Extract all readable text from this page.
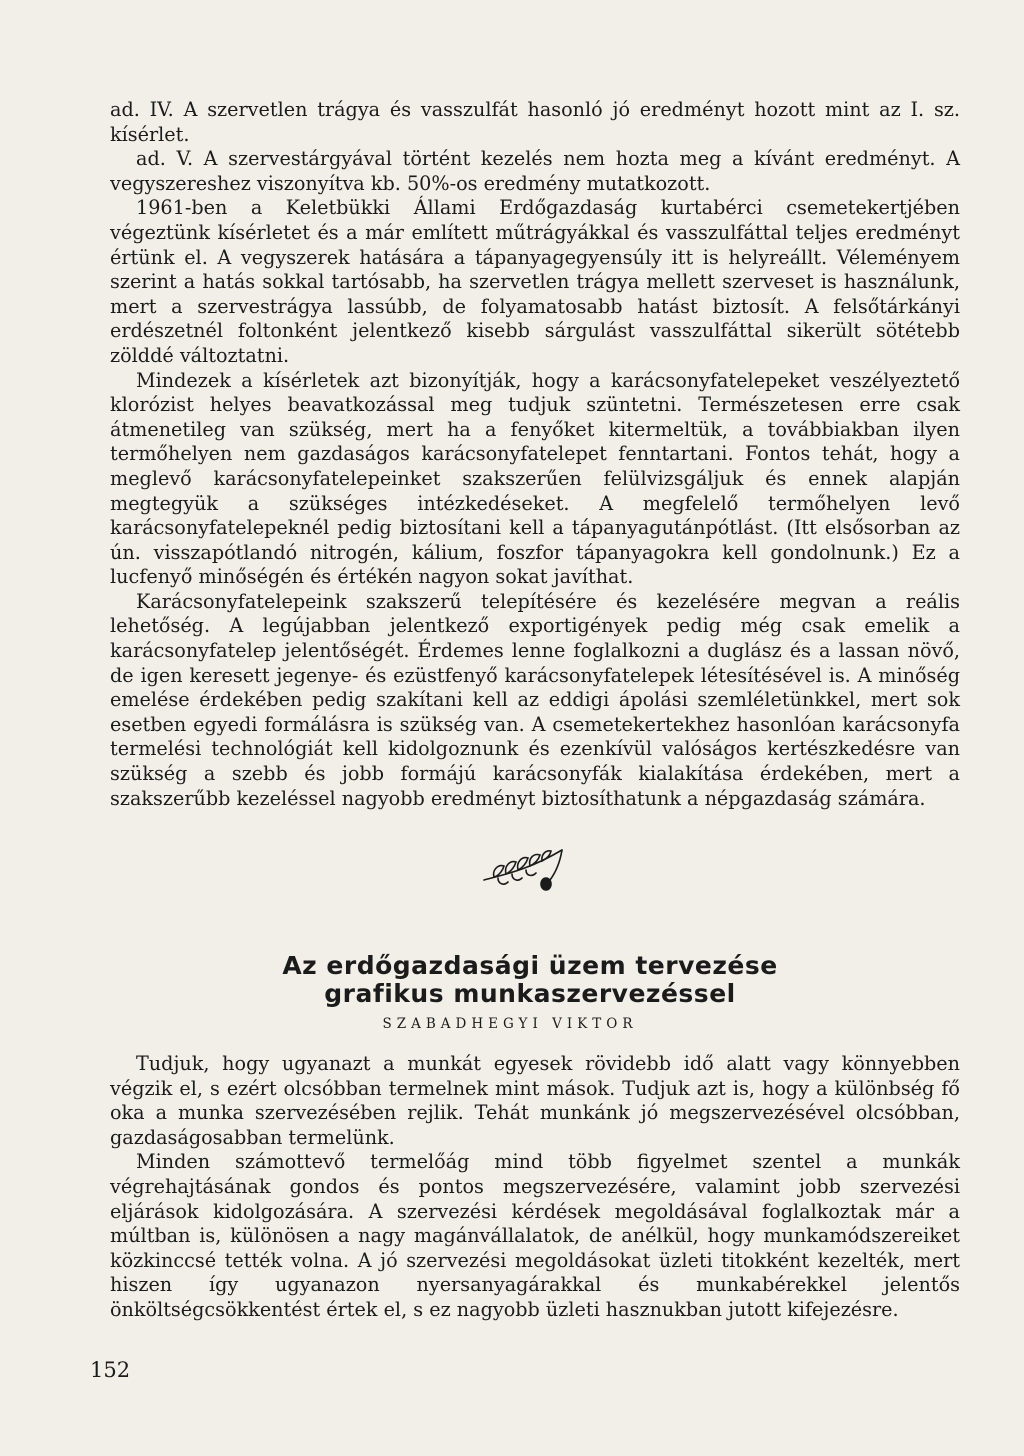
ad. IV. A szervetlen trágya és vasszulfát hasonló jó eredményt hozott mint az I. sz. kísérlet.

ad. V. A szervestárgyával történt kezelés nem hozta meg a kívánt eredményt. A vegyszereshez viszonyítva kb. 50%-os eredmény mutatkozott.

1961-ben a Keletbükki Állami Erdőgazdaság kurtabérci csemetekertjében végeztünk kísérletet és a már említett műtrágyákkal és vasszulfáttal teljes eredményt értünk el. A vegyszerek hatására a tápanyagegyensúly itt is helyreállt. Véleményem szerint a hatás sokkal tartósabb, ha szervetlen trágya mellett szerveset is használunk, mert a szervestrágya lassúbb, de folyamatosabb hatást biztosít. A felsőtárkányi erdészetnél foltonként jelentkező kisebb sárgulást vasszulfáttal sikerült sötétebb zölddé változtatni.

Mindezek a kísérletek azt bizonyítják, hogy a karácsonyfatelepeket veszélyeztető klorózist helyes beavatkozással meg tudjuk szüntetni. Természetesen erre csak átmenetileg van szükség, mert ha a fenyőket kitermeltük, a továbbiakban ilyen termőhelyen nem gazdaságos karácsonyfatelepet fenntartani. Fontos tehát, hogy a meglevő karácsonyfatelepeinket szakszerűen felülvizsgáljuk és ennek alapján megtegyük a szükséges intézkedéseket. A megfelelő termőhelyen levő karácsonyfatelepeknél pedig biztosítani kell a tápanyagutánpótlást. (Itt elsősorban az ún. visszapótlandó nitrogén, kálium, foszfor tápanyagokra kell gondolnunk.) Ez a lucfenyő minőségén és értékén nagyon sokat javíthat.

Karácsonyfatelepeink szakszerű telepítésére és kezelésére megvan a reális lehetőség. A legújabban jelentkező exportigények pedig még csak emelik a karácsonyfatelep jelentőségét. Érdemes lenne foglalkozni a duglász és a lassan növő, de igen keresett jegenye- és ezüstfenyő karácsonyfatelepek létesítésével is. A minőség emelése érdekében pedig szakítani kell az eddigi ápolási szemléletünkkel, mert sok esetben egyedi formálásra is szükség van. A csemetekertekhez hasonlóan karácsonyfa termelési technológiát kell kidolgoznunk és ezenkívül valóságos kertészkedésre van szükség a szebb és jobb formájú karácsonyfák kialakítása érdekében, mert a szakszerűbb kezeléssel nagyobb eredményt biztosíthatunk a népgazdaság számára.

Az erdőgazdasági üzem tervezése
grafikus munkaszervezéssel
SZABADHEGYI VIKTOR

Tudjuk, hogy ugyanazt a munkát egyesek rövidebb idő alatt vagy könnyebben végzik el, s ezért olcsóbban termelnek mint mások. Tudjuk azt is, hogy a különbség fő oka a munka szervezésében rejlik. Tehát munkánk jó megszervezésével olcsóbban, gazdaságosabban termelünk.

Minden számottevő termelőág mind több figyelmet szentel a munkák végrehajtásának gondos és pontos megszervezésére, valamint jobb szervezési eljárások kidolgozására. A szervezési kérdések megoldásával foglalkoztak már a múltban is, különösen a nagy magánvállalatok, de anélkül, hogy munkamódszereiket közkinccsé tették volna. A jó szervezési megoldásokat üzleti titokként kezelték, mert hiszen így ugyanazon nyersanyagárakkal és munkabérekkel jelentős önköltségcsökkentést értek el, s ez nagyobb üzleti hasznukban jutott kifejezésre.

152
